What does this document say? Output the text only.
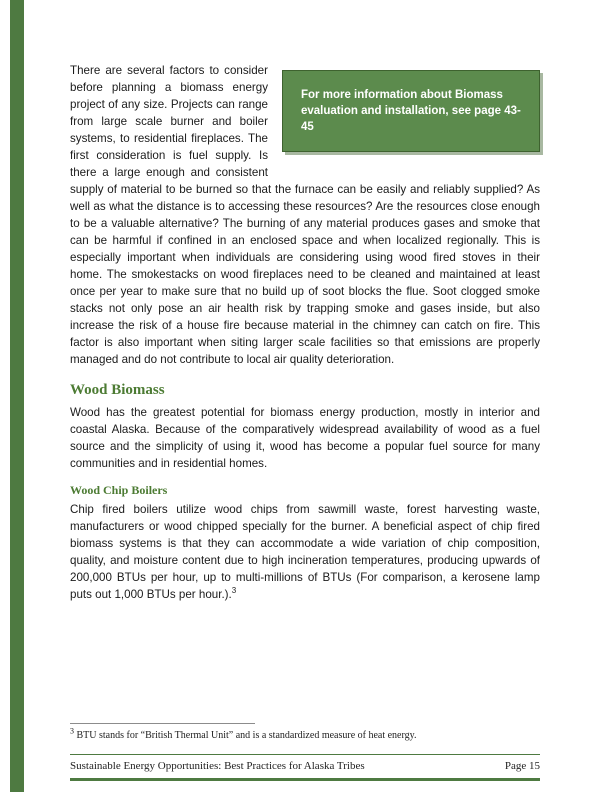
For more information about Biomass evaluation and installation, see page 43-45
There are several factors to consider before planning a biomass energy project of any size. Projects can range from large scale burner and boiler systems, to residential fireplaces. The first consideration is fuel supply. Is there a large enough and consistent supply of material to be burned so that the furnace can be easily and reliably supplied? As well as what the distance is to accessing these resources? Are the resources close enough to be a valuable alternative? The burning of any material produces gases and smoke that can be harmful if confined in an enclosed space and when localized regionally. This is especially important when individuals are considering using wood fired stoves in their home. The smokestacks on wood fireplaces need to be cleaned and maintained at least once per year to make sure that no build up of soot blocks the flue. Soot clogged smoke stacks not only pose an air health risk by trapping smoke and gases inside, but also increase the risk of a house fire because material in the chimney can catch on fire. This factor is also important when siting larger scale facilities so that emissions are properly managed and do not contribute to local air quality deterioration.

Wood Biomass

Wood has the greatest potential for biomass energy production, mostly in interior and coastal Alaska. Because of the comparatively widespread availability of wood as a fuel source and the simplicity of using it, wood has become a popular fuel source for many communities and in residential homes.

Wood Chip Boilers

Chip fired boilers utilize wood chips from sawmill waste, forest harvesting waste, manufacturers or wood chipped specially for the burner. A beneficial aspect of chip fired biomass systems is that they can accommodate a wide variation of chip composition, quality, and moisture content due to high incineration temperatures, producing upwards of 200,000 BTUs per hour, up to multi-millions of BTUs (For comparison, a kerosene lamp puts out 1,000 BTUs per hour.).$^3$

$^3$ BTU stands for “British Thermal Unit” and is a standardized measure of heat energy.

Sustainable Energy Opportunities: Best Practices for Alaska Tribes	Page 15
